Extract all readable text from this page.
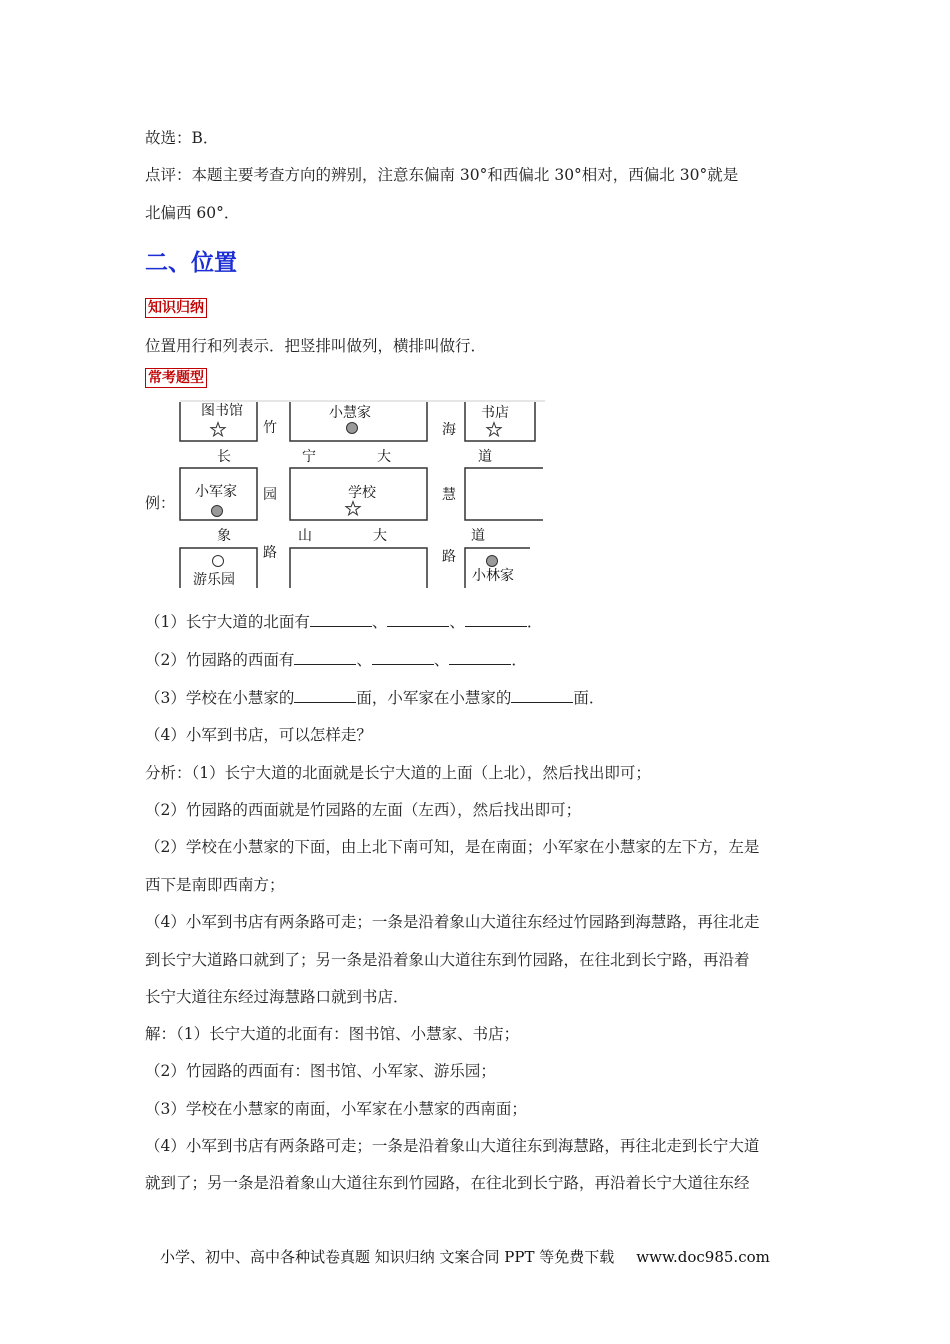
故选：B．
点评：本题主要考查方向的辨别，注意东偏南 30°和西偏北 30°相对，西偏北 30°就是
北偏西 60°．
二、位置
知识归纳
位置用行和列表示．把竖排叫做列，横排叫做行．
常考题型
例：
图书馆	小慧家	书店
学校
小军家
游乐园	小林家
竹
园
路
海
慧
路
长	宁	大	道
象	山	大	道
（1）长宁大道的北面有	、	、	．
（2）竹园路的西面有	、	、	．
（3）学校在小慧家的	面，小军家在小慧家的	面．
（4）小军到书店，可以怎样走？
分析：（1）长宁大道的北面就是长宁大道的上面（上北），然后找出即可；
（2）竹园路的西面就是竹园路的左面（左西），然后找出即可；
（2）学校在小慧家的下面，由上北下南可知，是在南面；小军家在小慧家的左下方，左是
西下是南即西南方；
（4）小军到书店有两条路可走；一条是沿着象山大道往东经过竹园路到海慧路，再往北走
到长宁大道路口就到了；另一条是沿着象山大道往东到竹园路，在往北到长宁路，再沿着
长宁大道往东经过海慧路口就到书店．
解：（1）长宁大道的北面有：图书馆、小慧家、书店；
（2）竹园路的西面有：图书馆、小军家、游乐园；
（3）学校在小慧家的南面，小军家在小慧家的西南面；
（4）小军到书店有两条路可走；一条是沿着象山大道往东到海慧路，再往北走到长宁大道
就到了；另一条是沿着象山大道往东到竹园路，在往北到长宁路，再沿着长宁大道往东经
小学、初中、高中各种试卷真题 知识归纳 文案合同 PPT 等免费下载 www.doc985.com
